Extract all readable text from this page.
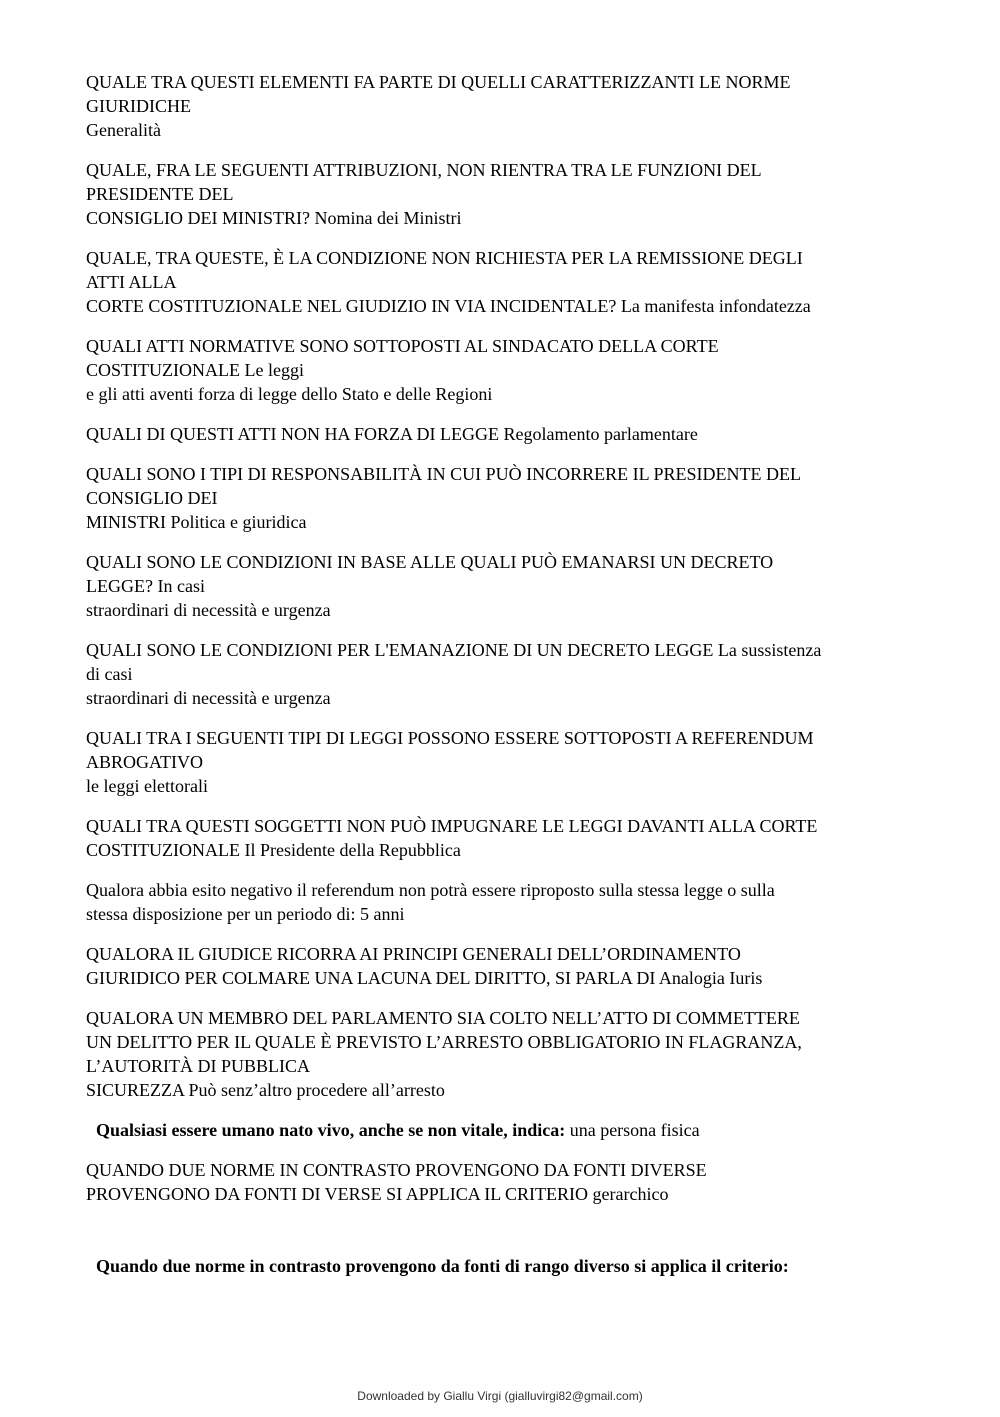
QUALE TRA QUESTI ELEMENTI FA PARTE DI QUELLI CARATTERIZZANTI LE NORME

GIURIDICHE

Generalità

QUALE, FRA LE SEGUENTI ATTRIBUZIONI, NON RIENTRA TRA LE FUNZIONI DEL

PRESIDENTE DEL

CONSIGLIO DEI MINISTRI? Nomina dei Ministri

QUALE, TRA QUESTE, È LA CONDIZIONE NON RICHIESTA PER LA REMISSIONE DEGLI

ATTI ALLA

CORTE COSTITUZIONALE NEL GIUDIZIO IN VIA INCIDENTALE? La manifesta infondatezza

QUALI ATTI NORMATIVE SONO SOTTOPOSTI AL SINDACATO DELLA CORTE

COSTITUZIONALE Le leggi

e gli atti aventi forza di legge dello Stato e delle Regioni

QUALI DI QUESTI ATTI NON HA FORZA DI LEGGE Regolamento parlamentare

QUALI SONO I TIPI DI RESPONSABILITÀ IN CUI PUÒ INCORRERE IL PRESIDENTE DEL

CONSIGLIO DEI

MINISTRI Politica e giuridica

QUALI SONO LE CONDIZIONI IN BASE ALLE QUALI PUÒ EMANARSI UN DECRETO

LEGGE? In casi

straordinari di necessità e urgenza

QUALI SONO LE CONDIZIONI PER L'EMANAZIONE DI UN DECRETO LEGGE La sussistenza

di casi

straordinari di necessità e urgenza

QUALI TRA I SEGUENTI TIPI DI LEGGI POSSONO ESSERE SOTTOPOSTI A REFERENDUM

ABROGATIVO

le leggi elettorali

QUALI TRA QUESTI SOGGETTI NON PUÒ IMPUGNARE LE LEGGI DAVANTI ALLA CORTE

COSTITUZIONALE Il Presidente della Repubblica

Qualora abbia esito negativo il referendum non potrà essere riproposto sulla stessa legge o sulla

stessa disposizione per un periodo di: 5 anni

QUALORA IL GIUDICE RICORRA AI PRINCIPI GENERALI DELL’ORDINAMENTO

GIURIDICO PER COLMARE UNA LACUNA DEL DIRITTO, SI PARLA DI Analogia Iuris

QUALORA UN MEMBRO DEL PARLAMENTO SIA COLTO NELL’ATTO DI COMMETTERE

UN DELITTO PER IL QUALE È PREVISTO L’ARRESTO OBBLIGATORIO IN FLAGRANZA,

L’AUTORITÀ DI PUBBLICA

SICUREZZA Può senz’altro procedere all’arresto

Qualsiasi essere umano nato vivo, anche se non vitale, indica: una persona fisica

QUANDO DUE NORME IN CONTRASTO PROVENGONO DA FONTI DIVERSE

PROVENGONO DA FONTI DI VERSE SI APPLICA IL CRITERIO gerarchico

Quando due norme in contrasto provengono da fonti di rango diverso si applica il criterio:

Downloaded by Giallu Virgi (gialluvirgi82@gmail.com)
